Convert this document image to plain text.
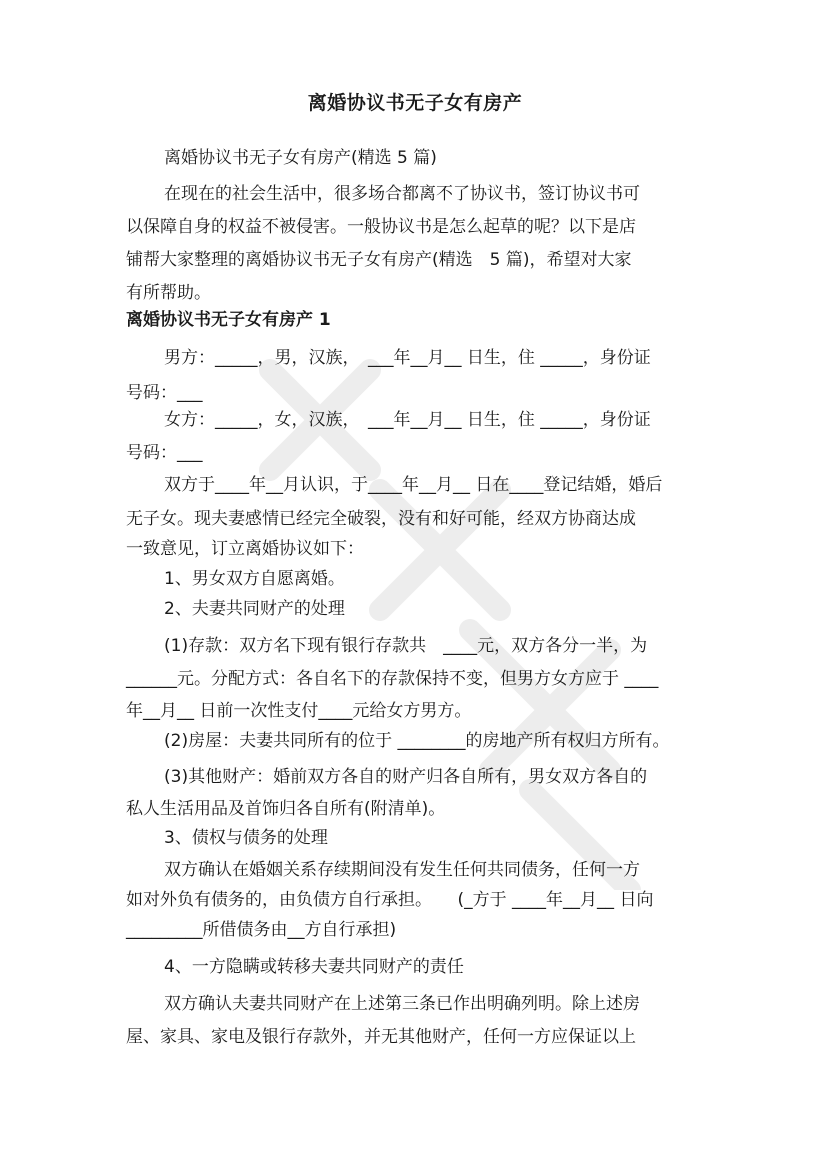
离婚协议书无子女有房产
离婚协议书无子女有房产(精选 5 篇)
在现在的社会生活中，很多场合都离不了协议书，签订协议书可
以保障自身的权益不被侵害。一般协议书是怎么起草的呢？以下是店
铺帮大家整理的离婚协议书无子女有房产(精选　5 篇)，希望对大家
有所帮助。
离婚协议书无子女有房产 1
男方：_____，男，汉族，　___年__月__ 日生，住 _____，身份证
号码：___
女方：_____，女，汉族，　___年__月__ 日生，住 _____，身份证
号码：___
双方于____年__月认识，于____年__月__ 日在____登记结婚，婚后
无子女。现夫妻感情已经完全破裂，没有和好可能，经双方协商达成
一致意见，订立离婚协议如下：
1、男女双方自愿离婚。
2、夫妻共同财产的处理
(1)存款：双方名下现有银行存款共　____元，双方各分一半，为
______元。分配方式：各自名下的存款保持不变，但男方女方应于 ____
年__月__ 日前一次性支付____元给女方男方。
(2)房屋：夫妻共同所有的位于 ________的房地产所有权归方所有。
(3)其他财产：婚前双方各自的财产归各自所有，男女双方各自的
私人生活用品及首饰归各自所有(附清单)。
3、债权与债务的处理
双方确认在婚姻关系存续期间没有发生任何共同债务，任何一方
如对外负有债务的，由负债方自行承担。　　(_方于 ____年__月__ 日向
_________所借债务由__方自行承担)
4、一方隐瞒或转移夫妻共同财产的责任
双方确认夫妻共同财产在上述第三条已作出明确列明。除上述房
屋、家具、家电及银行存款外，并无其他财产，任何一方应保证以上
